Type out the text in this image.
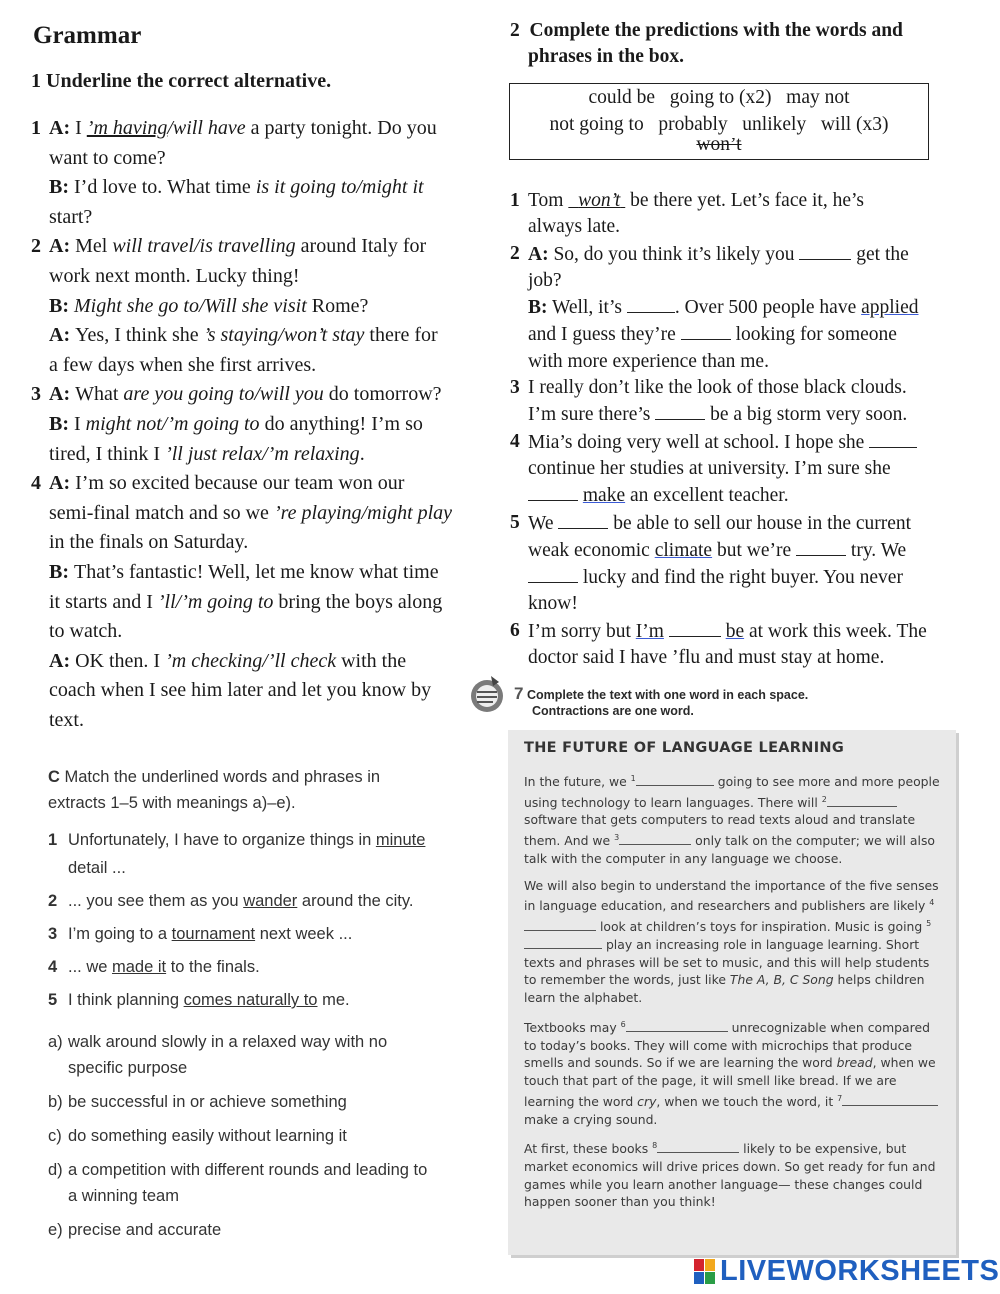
Grammar
1 Underline the correct alternative.
1 A: I ’m having/will have a party tonight. Do you
want to come?
B: I’d love to. What time is it going to/might it
start?
2 A: Mel will travel/is travelling around Italy for
work next month. Lucky thing!
B: Might she go to/Will she visit Rome?
A: Yes, I think she ’s staying/won’t stay there for
a few days when she first arrives.
3 A: What are you going to/will you do tomorrow?
B: I might not/’m going to do anything! I’m so
tired, I think I ’ll just relax/’m relaxing.
4 A: I’m so excited because our team won our
semi-final match and so we ’re playing/might play
in the finals on Saturday.
B: That’s fantastic! Well, let me know what time
it starts and I ’ll/’m going to bring the boys along
to watch.
A: OK then. I ’m checking/’ll check with the
coach when I see him later and let you know by
text.
2 Complete the predictions with the words and
phrases in the box.
could be going to (x2) may not
not going to probably unlikely will (x3)
won’t
1 Tom   won’t  be there yet. Let’s face it, he’s
always late.
2 A: So, do you think it’s likely you	get the
job?
B: Well, it’s . Over 500 people have applied
and I guess they’re	looking for someone
with more experience than me.
3 I really don’t like the look of those black clouds.
I’m sure there’s	be a big storm very soon.
4 Mia’s doing very well at school. I hope she
continue her studies at university. I’m sure she
make an excellent teacher.
5 We	be able to sell our house in the current
weak economic climate but we’re	try. We
lucky and find the right buyer. You never
know!
6 I’m sorry but I’m	be at work this week. The
doctor said I have ’flu and must stay at home.
C Match the underlined words and phrases in
extracts 1–5 with meanings a)–e).
1 Unfortunately, I have to organize things in minute
detail ...
2 ... you see them as you wander around the city.
3 I’m going to a tournament next week ...
4 ... we made it to the finals.
5 I think planning comes naturally to me.
a) walk around slowly in a relaxed way with no
specific purpose
b) be successful in or achieve something
c) do something easily without learning it
d) a competition with different rounds and leading to
a winning team
e) precise and accurate
7 Complete the text with one word in each space.
Contractions are one word.
THE FUTURE OF LANGUAGE LEARNING

In the future, we $^1$	going to see more and more people using technology to learn languages. There will $^2$ software that gets computers to read texts aloud and translate them. And we $^3$	only talk on the computer; we will also talk with the computer in any language we choose.

We will also begin to understand the importance of the five senses in language education, and researchers and publishers are likely $^4$ look at children’s toys for inspiration. Music is going $^5$ play an increasing role in language learning. Short texts and phrases will be set to music, and this will help students to remember the words, just like The A, B, C Song helps children learn the alphabet.

Textbooks may $^6$	unrecognizable when compared to today’s books. They will come with microchips that produce smells and sounds. So if we are learning the word bread, when we touch that part of the page, it will smell like bread. If we are learning the word cry, when we touch the word, it $^7$ make a crying sound.

At first, these books $^8$	likely to be expensive, but market economics will drive prices down. So get ready for fun and games while you learn another language— these changes could happen sooner than you think!

LIVEWORKSHEETS
